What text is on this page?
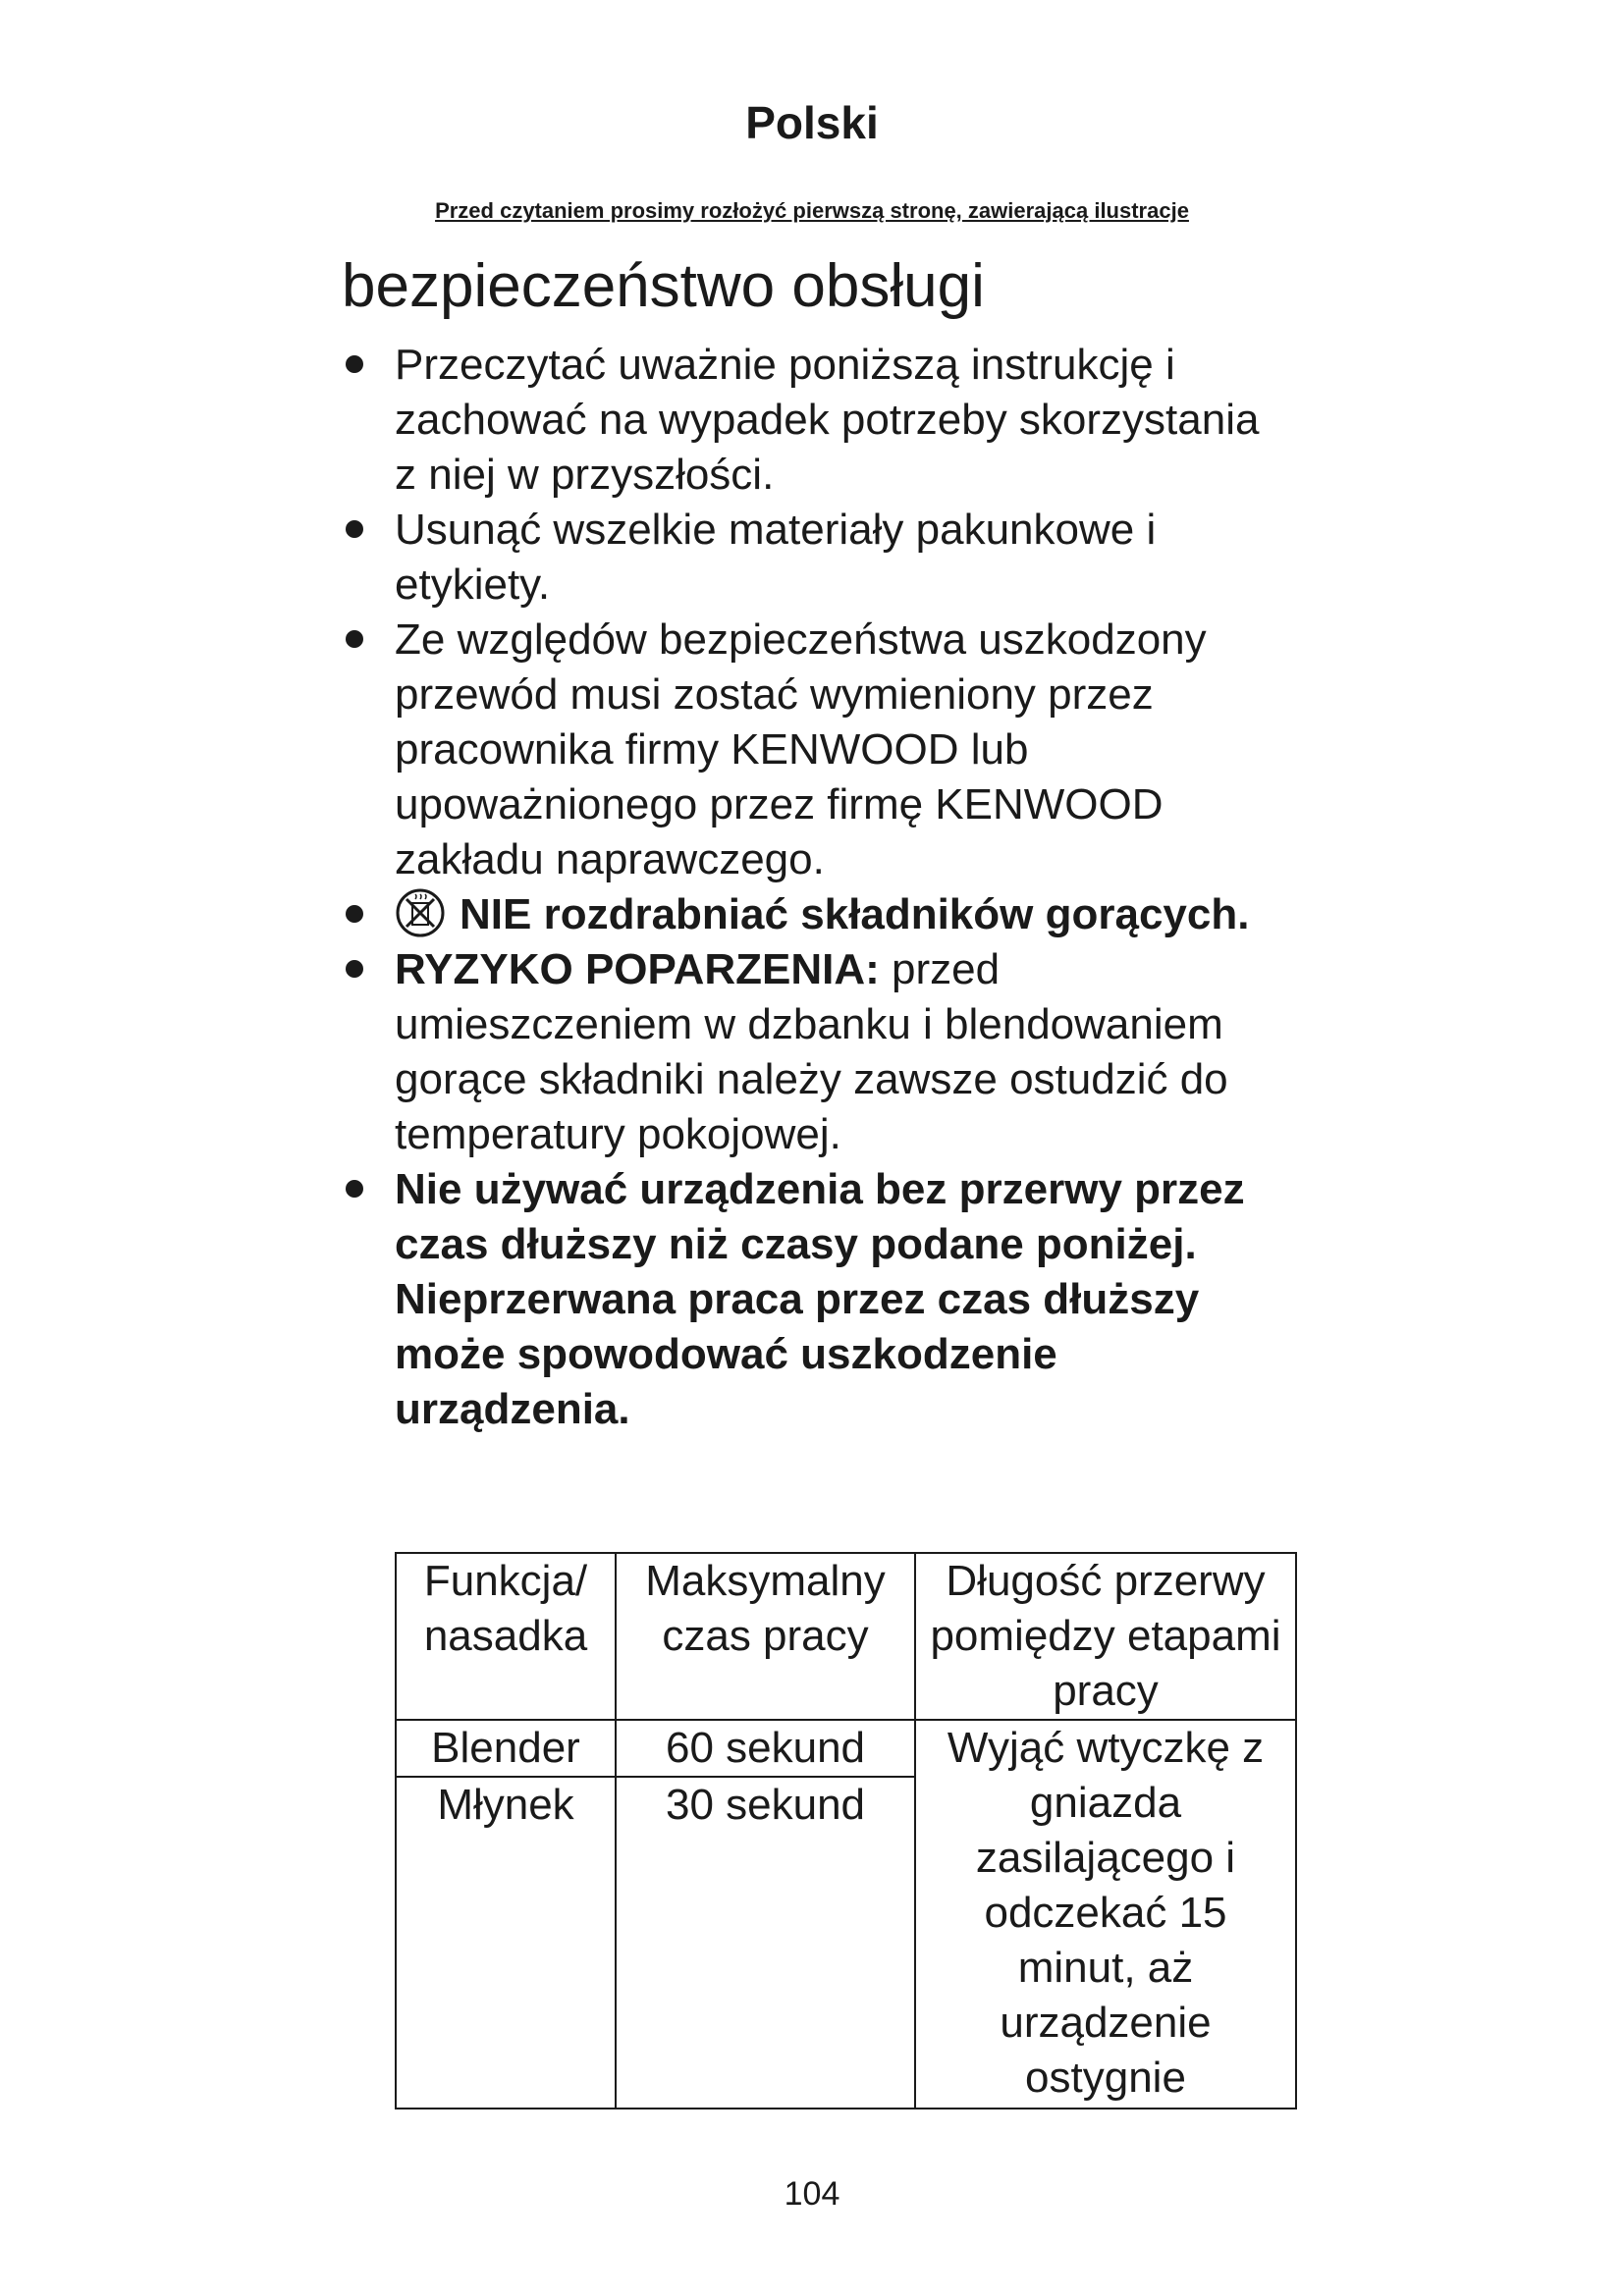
Polski
Przed czytaniem prosimy rozłożyć pierwszą stronę, zawierającą ilustracje
bezpieczeństwo obsługi
Przeczytać uważnie poniższą instrukcję i zachować na wypadek potrzeby skorzystania z niej w przyszłości.
Usunąć wszelkie materiały pakunkowe i etykiety.
Ze względów bezpieczeństwa uszkodzony przewód musi zostać wymieniony przez pracownika firmy KENWOOD lub upoważnionego przez firmę KENWOOD zakładu naprawczego.
NIE rozdrabniać składników gorących.
RYZYKO POPARZENIA: przed umieszczeniem w dzbanku i blendowaniem gorące składniki należy zawsze ostudzić do temperatury pokojowej.
Nie używać urządzenia bez przerwy przez czas dłuższy niż czasy podane poniżej. Nieprzerwana praca przez czas dłuższy może spowodować uszkodzenie urządzenia.
Funkcja/ nasadka	Maksymalny czas pracy	Długość przerwy pomiędzy etapami pracy
Blender	60 sekund	Wyjąć wtyczkę z gniazda zasilającego i odczekać 15 minut, aż urządzenie ostygnie
Młynek	30 sekund	
104
